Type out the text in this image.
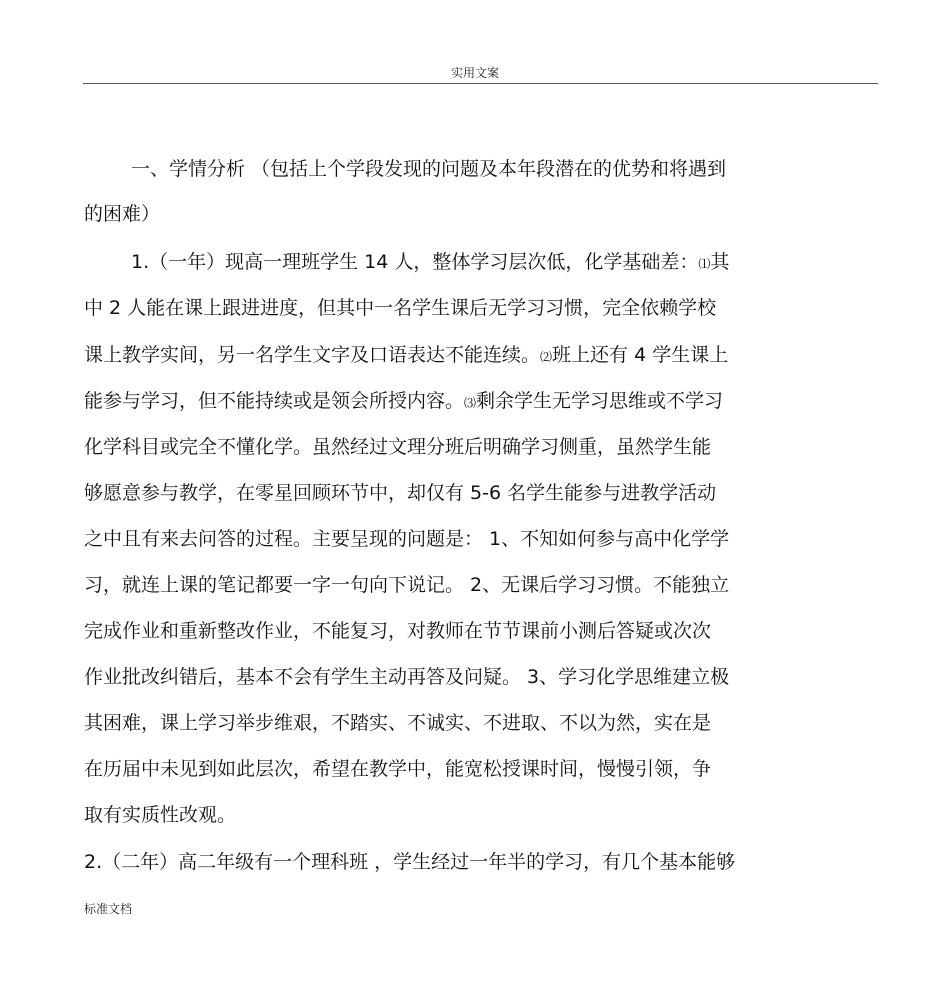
实用文案
一、学情分析 （包括上个学段发现的问题及本年段潜在的优势和将遇到
的困难）
1.（一年）现高一理班学生 14 人，整体学习层次低，化学基础差：⑴其
中 2 人能在课上跟进进度，但其中一名学生课后无学习习惯，完全依赖学校
课上教学实间，另一名学生文字及口语表达不能连续。⑵班上还有 4 学生课上
能参与学习，但不能持续或是领会所授内容。⑶剩余学生无学习思维或不学习
化学科目或完全不懂化学。虽然经过文理分班后明确学习侧重，虽然学生能
够愿意参与教学，在零星回顾环节中，却仅有 5-6 名学生能参与进教学活动
之中且有来去问答的过程。主要呈现的问题是： 1、不知如何参与高中化学学
习，就连上课的笔记都要一字一句向下说记。 2、无课后学习习惯。不能独立
完成作业和重新整改作业，不能复习，对教师在节节课前小测后答疑或次次
作业批改纠错后，基本不会有学生主动再答及问疑。 3、学习化学思维建立极
其困难，课上学习举步维艰，不踏实、不诚实、不进取、不以为然，实在是
在历届中未见到如此层次，希望在教学中，能宽松授课时间，慢慢引领，争
取有实质性改观。
2.（二年）高二年级有一个理科班 ，学生经过一年半的学习，有几个基本能够
标准文档
